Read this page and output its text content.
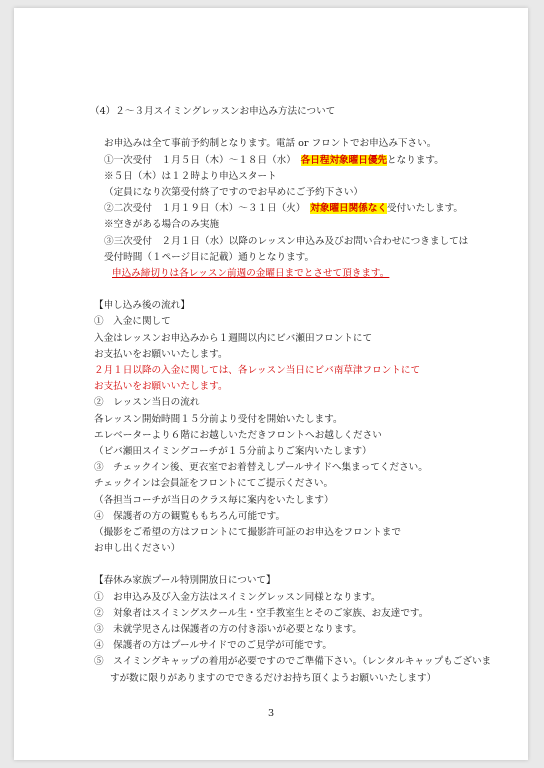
（4）２～３月スイミングレッスンお申込み方法について
お申込みは全て事前予約制となります。電話 or フロントでお申込み下さい。
①一次受付　１月５日（木）～１８日（水）　 各日程対象曜日優先となります。
※５日（木）は１２時より申込スタート
（定員になり次第受付終了ですのでお早めにご予約下さい）
②二次受付　１月１９日（木）～３１日（火）　 対象曜日関係なく受付いたします。
※空きがある場合のみ実施
③三次受付　２月１日（水）以降のレッスン申込み及びお問い合わせにつきましては
受付時間（１ページ目に記載）通りとなります。
申込み締切りは各レッスン前週の金曜日までとさせて頂きます。
【申し込み後の流れ】
①　入金に関して
入金はレッスンお申込みから１週間以内にビバ瀬田フロントにて
お支払いをお願いいたします。
２月１日以降の入金に関しては、各レッスン当日にビバ南草津フロントにて
お支払いをお願いいたします。
②　レッスン当日の流れ
各レッスン開始時間１５分前より受付を開始いたします。
エレベーターより６階にお越しいただきフロントへお越しください
（ビバ瀬田スイミングコーチが１５分前よりご案内いたします）
③　チェックイン後、更衣室でお着替えしプールサイドへ集まってください。
チェックインは会員証をフロントにてご提示ください。
（各担当コーチが当日のクラス毎に案内をいたします）
④　保護者の方の観覧ももちろん可能です。
（撮影をご希望の方はフロントにて撮影許可証のお申込をフロントまで
お申し出ください）
【春休み家族プール特別開放日について】
①　お申込み及び入金方法はスイミングレッスン同様となります。
②　対象者はスイミングスクール生・空手教室生とそのご家族、お友達です。
③　未就学児さんは保護者の方の付き添いが必要となります。
④　保護者の方はプールサイドでのご見学が可能です。
⑤　スイミングキャップの着用が必要ですのでご準備下さい。（レンタルキャップもございま
すが数に限りがありますのでできるだけお持ち頂くようお願いいたします）
3
